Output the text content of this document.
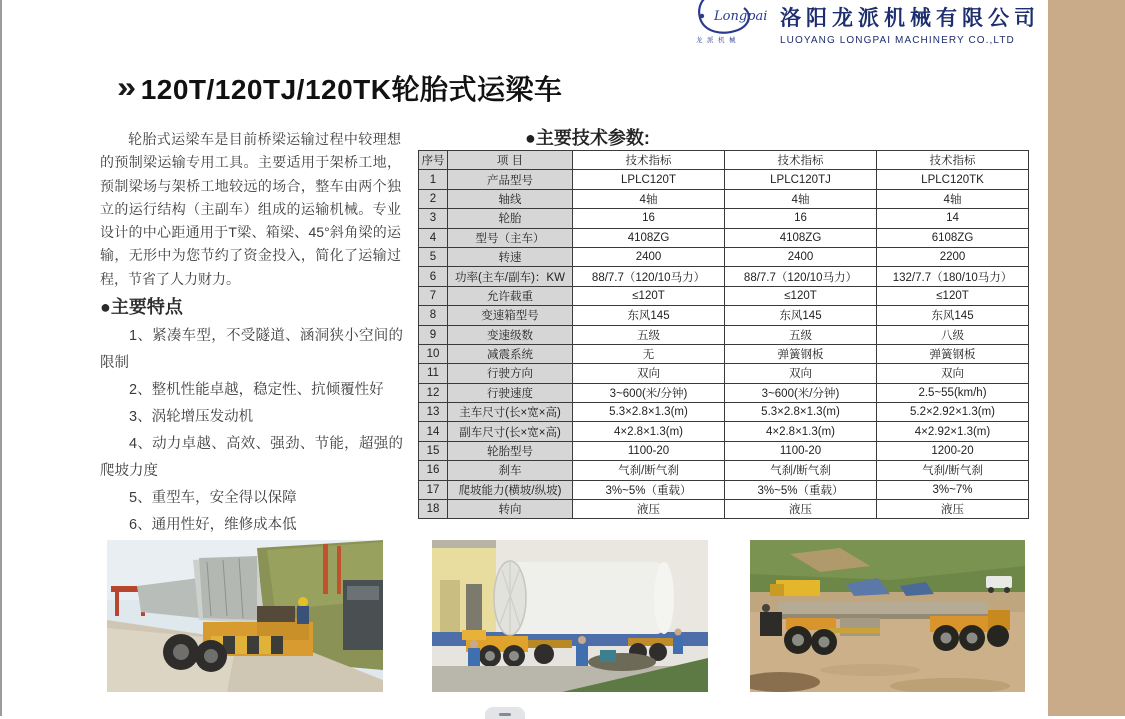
Longpai
龙派机械
洛阳龙派机械有限公司
LUOYANG LONGPAI MACHINERY CO.,LTD
» 120T/120TJ/120TK轮胎式运梁车
轮胎式运梁车是目前桥梁运输过程中较理想的预制梁运输专用工具。主要适用于架桥工地，预制梁场与架桥工地较远的场合，整车由两个独立的运行结构（主副车）组成的运输机械。专业设计的中心距通用于T梁、箱梁、45°斜角梁的运输，无形中为您节约了资金投入，简化了运输过程，节省了人力财力。
●主要特点
1、紧凑车型，不受隧道、涵洞狭小空间的限制
2、整机性能卓越，稳定性、抗倾覆性好
3、涡轮增压发动机
4、动力卓越、高效、强劲、节能，超强的爬坡力度
5、重型车，安全得以保障
6、通用性好，维修成本低
●主要技术参数:
序号	项 目	技术指标	技术指标	技术指标
1	产品型号	LPLC120T	LPLC120TJ	LPLC120TK
2	轴线	4轴	4轴	4轴
3	轮胎	16	16	14
4	型号（主车）	4108ZG	4108ZG	6108ZG
5	转速	2400	2400	2200
6	功率(主车/副车)：KW	88/7.7（120/10马力）	88/7.7（120/10马力）	132/7.7（180/10马力）
7	允许载重	≤120T	≤120T	≤120T
8	变速箱型号	东风145	东风145	东风145
9	变速级数	五级	五级	八级
10	减震系统	无	弹簧钢板	弹簧钢板
11	行驶方向	双向	双向	双向
12	行驶速度	3~600(米/分钟)	3~600(米/分钟)	2.5~55(km/h)
13	主车尺寸(长×宽×高)	5.3×2.8×1.3(m)	5.3×2.8×1.3(m)	5.2×2.92×1.3(m)
14	副车尺寸(长×宽×高)	4×2.8×1.3(m)	4×2.8×1.3(m)	4×2.92×1.3(m)
15	轮胎型号	1100-20	1100-20	1200-20
16	刹车	气刹/断气刹	气刹/断气刹	气刹/断气刹
17	爬坡能力(横坡/纵坡)	3%~5%（重载）	3%~5%（重载）	3%~7%
18	转向	液压	液压	液压
